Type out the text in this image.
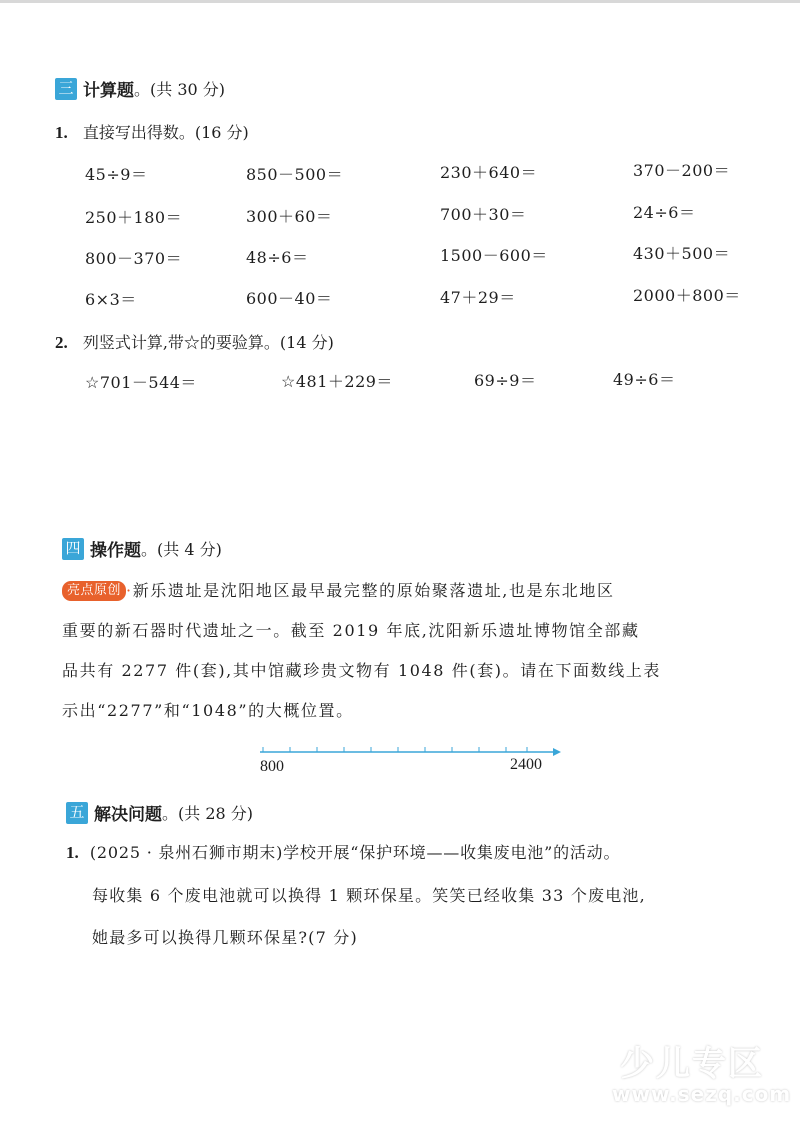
三 计算题 。(共 30 分)
1. 直接写出得数。(16 分)
45÷9＝	850－500＝	230＋640＝	370－200＝
250＋180＝	300＋60＝	700＋30＝	24÷6＝
800－370＝	48÷6＝	1500－600＝	430＋500＝
6×3＝	600－40＝	47＋29＝	2000＋800＝
2. 列竖式计算,带☆的要验算。(14 分)
☆701－544＝	☆481＋229＝	69÷9＝	49÷6＝
四 操作题 。(共 4 分)
亮点原创 ·新乐遗址是沈阳地区最早最完整的原始聚落遗址,也是东北地区
重要的新石器时代遗址之一。截至 2019 年底,沈阳新乐遗址博物馆全部藏
品共有 2277 件(套),其中馆藏珍贵文物有 1048 件(套)。请在下面数线上表
示出“2277”和“1048”的大概位置。
800	2400
五 解决问题 。(共 28 分)
1. (2025 · 泉州石狮市期末)学校开展“保护环境——收集废电池”的活动。
每收集 6 个废电池就可以换得 1 颗环保星。笑笑已经收集 33 个废电池,
她最多可以换得几颗环保星?(7 分)
少儿专区
www.sezq.com
